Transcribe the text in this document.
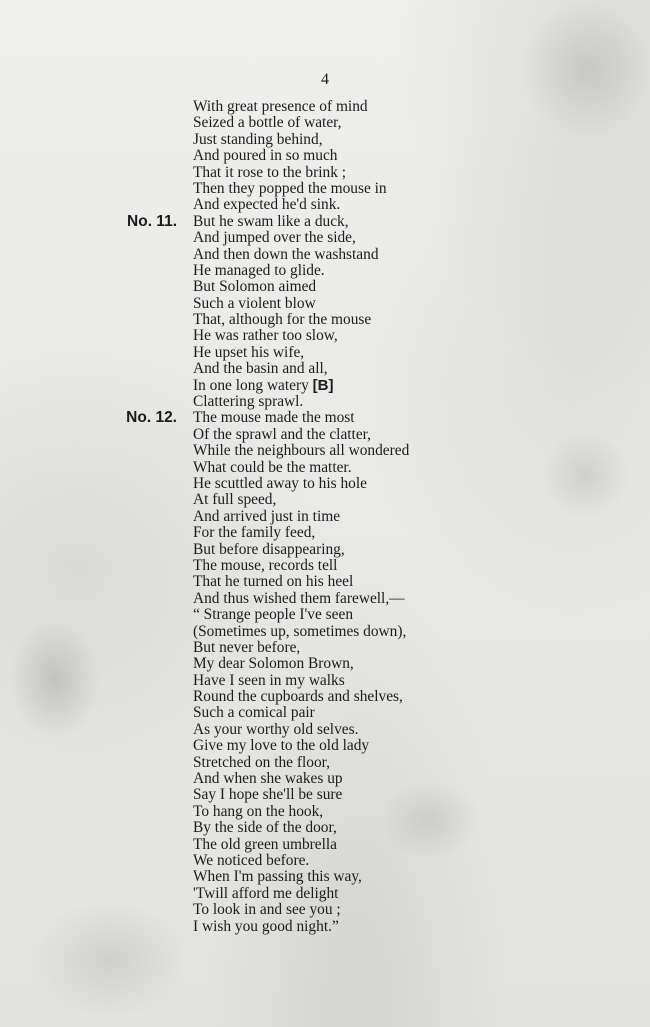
4
With great presence of mind
Seized a bottle of water,
Just standing behind,
And poured in so much
That it rose to the brink ;
Then they popped the mouse in
And expected he'd sink.
No. 11. But he swam like a duck,
And jumped over the side,
And then down the washstand
He managed to glide.
But Solomon aimed
Such a violent blow
That, although for the mouse
He was rather too slow,
He upset his wife,
And the basin and all,
In one long watery [B]
Clattering sprawl.
No. 12. The mouse made the most
Of the sprawl and the clatter,
While the neighbours all wondered
What could be the matter.
He scuttled away to his hole
At full speed,
And arrived just in time
For the family feed,
But before disappearing,
The mouse, records tell
That he turned on his heel
And thus wished them farewell,—
“ Strange people I've seen
(Sometimes up, sometimes down),
But never before,
My dear Solomon Brown,
Have I seen in my walks
Round the cupboards and shelves,
Such a comical pair
As your worthy old selves.
Give my love to the old lady
Stretched on the floor,
And when she wakes up
Say I hope she'll be sure
To hang on the hook,
By the side of the door,
The old green umbrella
We noticed before.
When I'm passing this way,
'Twill afford me delight
To look in and see you ;
I wish you good night.”
